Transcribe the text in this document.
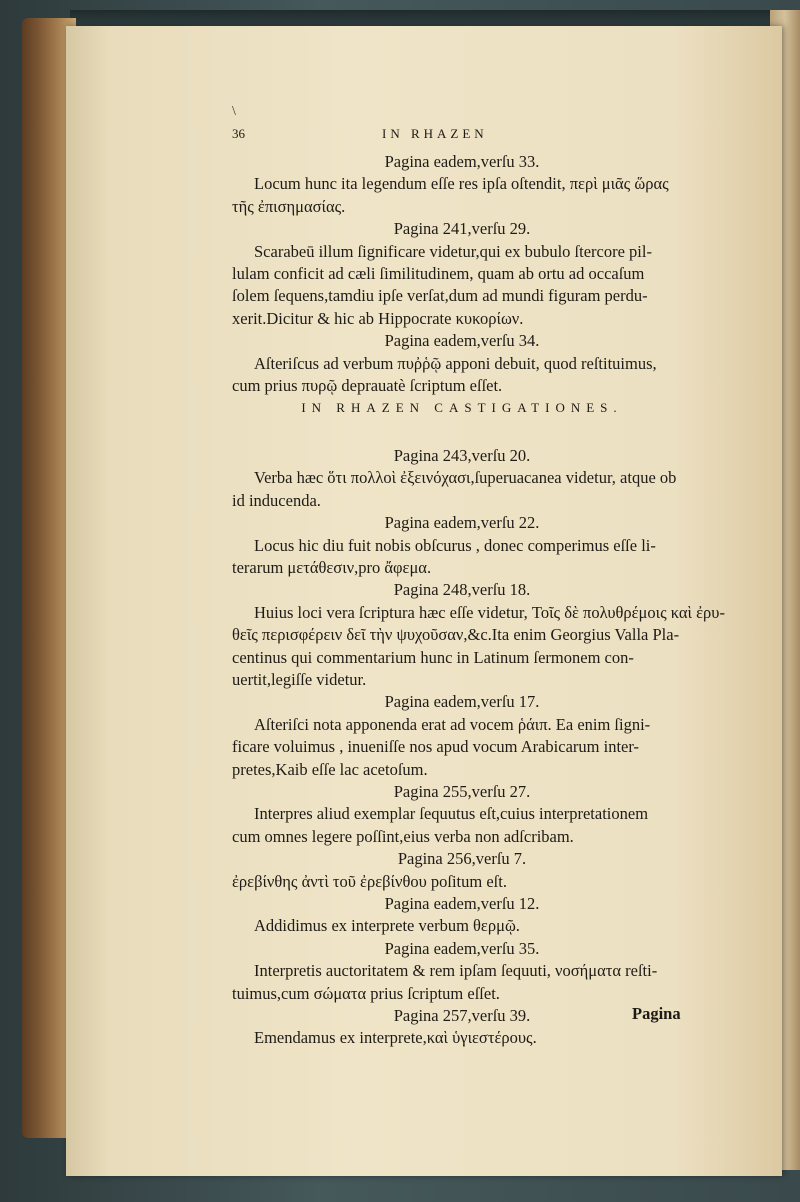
\
36	IN RHAZEN
Pagina eadem,verſu 33.
Locum hunc ita legendum eſſe res ipſa oſtendit, περὶ μιᾶς ὥρας
τῆς ἐπισημασίας.
Pagina 241,verſu 29.
Scarabeū illum ſignificare videtur,qui ex bubulo ſtercore pil-
lulam conficit ad cæli ſimilitudinem, quam ab ortu ad occaſum
ſolem ſequens,tamdiu ipſe verſat,dum ad mundi figuram perdu-
xerit.Dicitur & hic ab Hippocrate κυκορίων.
Pagina eadem,verſu 34.
Aſteriſcus ad verbum πυῤῥῷ apponi debuit, quod reſtituimus,
cum prius πυρῷ deprauatè ſcriptum eſſet.
Pagina 243,verſu 20.
Verba hæc ὅτι πολλοὶ ἐξεινόχασι,ſuperuacanea videtur, atque ob
id inducenda.
Pagina eadem,verſu 22.
Locus hic diu fuit nobis obſcurus , donec comperimus eſſe li-
terarum μετάθεσιν,pro ἄφεμα.
Pagina 248,verſu 18.
Huius loci vera ſcriptura hæc eſſe videtur, Τοῖς δὲ πολυθρέμοις καὶ ἐρυ-
θεῖς περισφέρειν δεῖ τὴν ψυχοῦσαν,&c.Ita enim Georgius Valla Pla-
centinus qui commentarium hunc in Latinum ſermonem con-
uertit,legiſſe videtur.
Pagina eadem,verſu 17.
Aſteriſci nota apponenda erat ad vocem ῥάιπ. Ea enim ſigni-
ficare voluimus , inueniſſe nos apud vocum Arabicarum inter-
pretes,Kaib eſſe lac acetoſum.
Pagina 255,verſu 27.
Interpres aliud exemplar ſequutus eſt,cuius interpretationem
cum omnes legere poſſint,eius verba non adſcribam.
Pagina 256,verſu 7.
ἐρεβίνθης ἀντὶ τοῦ ἐρεβίνθου poſitum eſt.
Pagina eadem,verſu 12.
Addidimus ex interprete verbum θερμῷ.
Pagina eadem,verſu 35.
Interpretis auctoritatem & rem ipſam ſequuti, νοσήματα reſti-
tuimus,cum σώματα prius ſcriptum eſſet.
Pagina 257,verſu 39.
Emendamus ex interprete,καὶ ὑγιεστέρους.
IN RHAZEN CASTIGATIONES.
Pagina
